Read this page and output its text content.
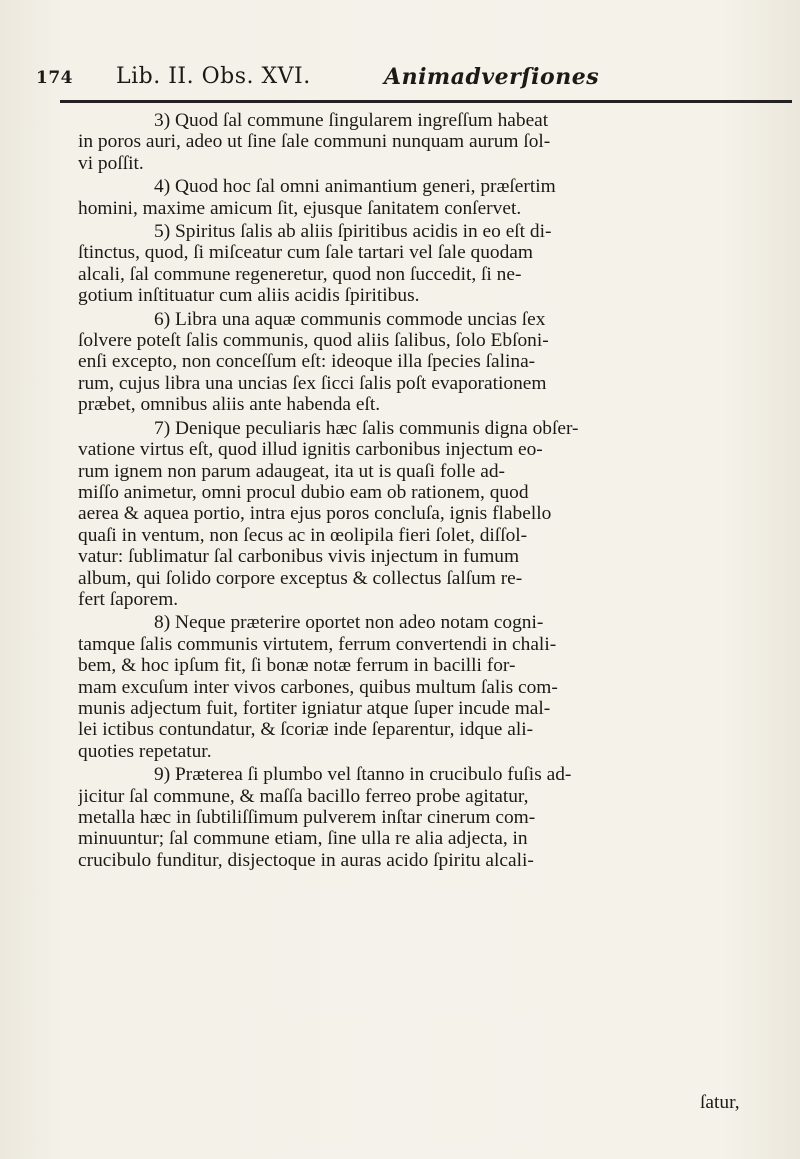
174 Lib. II. Obs. XVI.	Animadverſiones
3) Quod ſal commune ſingularem ingreſſum habeat
in poros auri, adeo ut ſine ſale communi nunquam aurum ſol-
vi poſſit.
4) Quod hoc ſal omni animantium generi, præſertim
homini, maxime amicum ſit, ejusque ſanitatem conſervet.
5) Spiritus ſalis ab aliis ſpiritibus acidis in eo eſt di-
ſtinctus, quod, ſi miſceatur cum ſale tartari vel ſale quodam
alcali, ſal commune regeneretur, quod non ſuccedit, ſi ne-
gotium inſtituatur cum aliis acidis ſpiritibus.
6) Libra una aquæ communis commode uncias ſex
ſolvere poteſt ſalis communis, quod aliis ſalibus, ſolo Ebſoni-
enſi excepto, non conceſſum eſt: ideoque illa ſpecies ſalina-
rum, cujus libra una uncias ſex ſicci ſalis poſt evaporationem
præbet, omnibus aliis ante habenda eſt.
7) Denique peculiaris hæc ſalis communis digna obſer-
vatione virtus eſt, quod illud ignitis carbonibus injectum eo-
rum ignem non parum adaugeat, ita ut is quaſi folle ad-
miſſo animetur, omni procul dubio eam ob rationem, quod
aerea & aquea portio, intra ejus poros concluſa, ignis flabello
quaſi in ventum, non ſecus ac in œolipila fieri ſolet, diſſol-
vatur: ſublimatur ſal carbonibus vivis injectum in fumum
album, qui ſolido corpore exceptus & collectus ſalſum re-
fert ſaporem.
8) Neque præterire oportet non adeo notam cogni-
tamque ſalis communis virtutem, ferrum convertendi in chali-
bem, & hoc ipſum fit, ſi bonæ notæ ferrum in bacilli for-
mam excuſum inter vivos carbones, quibus multum ſalis com-
munis adjectum fuit, fortiter igniatur atque ſuper incude mal-
lei ictibus contundatur, & ſcoriæ inde ſeparentur, idque ali-
quoties repetatur.
9) Præterea ſi plumbo vel ſtanno in crucibulo fuſis ad-
jicitur ſal commune, & maſſa bacillo ferreo probe agitatur,
metalla hæc in ſubtiliſſimum pulverem inſtar cinerum com-
minuuntur; ſal commune etiam, ſine ulla re alia adjecta, in
crucibulo funditur, disjectoque in auras acido ſpiritu alcali-
ſatur,
